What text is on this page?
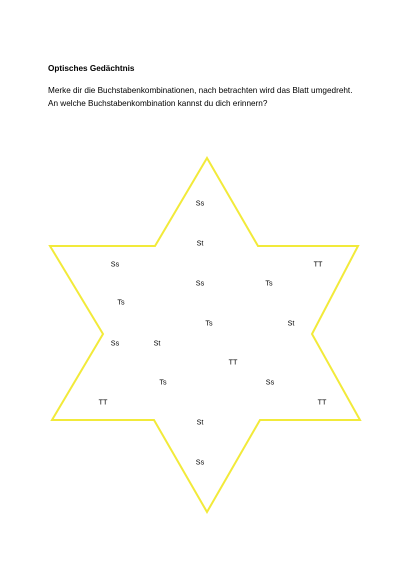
Optisches Gedächtnis
Merke dir die Buchstabenkombinationen, nach betrachten wird das Blatt umgedreht. An welche Buchstabenkombination kannst du dich erinnern?
Ss
St
Ss	TT
Ss	Ts
Ts
Ts	St
Ss	St
TT
Ts	Ss
TT	TT
St
Ss
